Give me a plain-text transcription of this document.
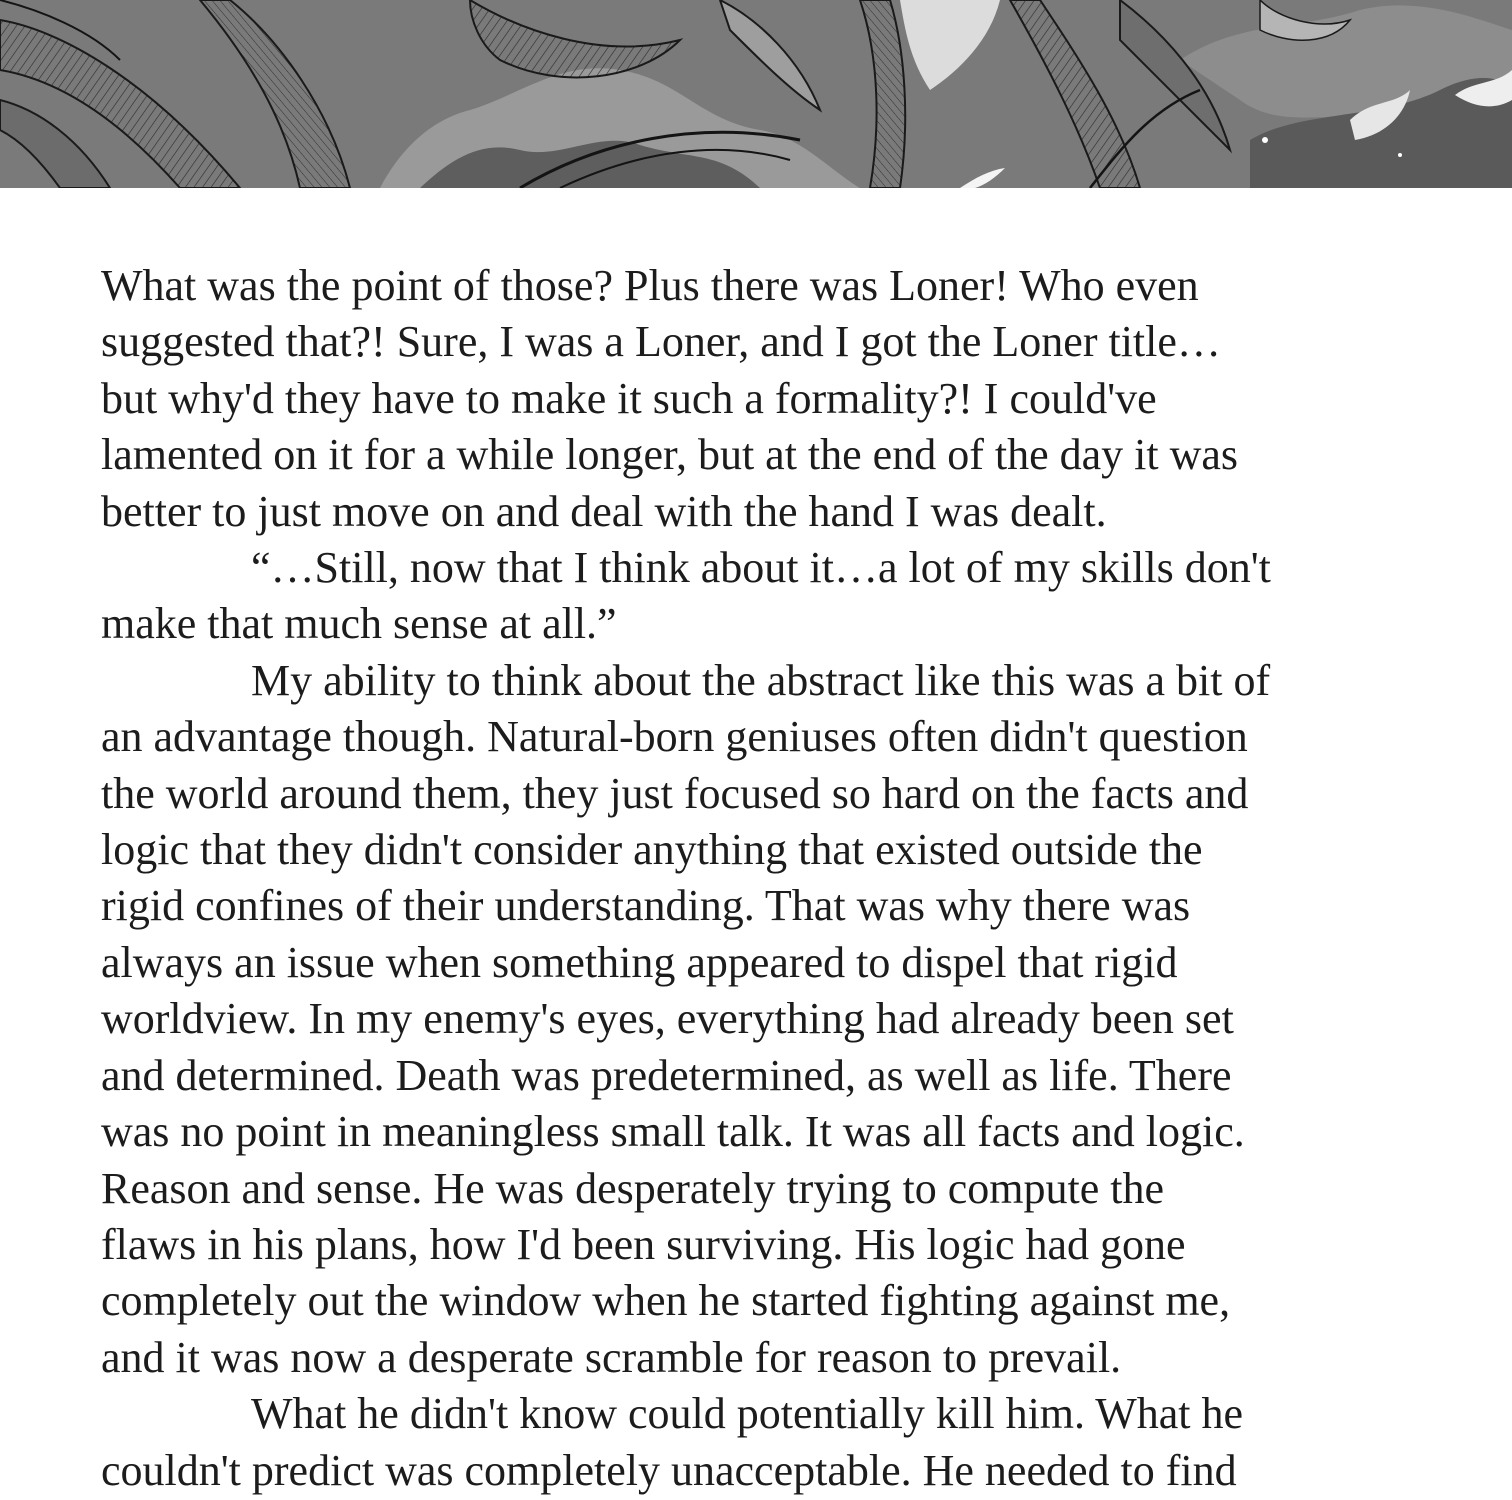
What was the point of those? Plus there was Loner! Who even
suggested that?! Sure, I was a Loner, and I got the Loner title…
but why'd they have to make it such a formality?! I could've
lamented on it for a while longer, but at the end of the day it was
better to just move on and deal with the hand I was dealt.
“…Still, now that I think about it…a lot of my skills don't
make that much sense at all.”
My ability to think about the abstract like this was a bit of
an advantage though. Natural-born geniuses often didn't question
the world around them, they just focused so hard on the facts and
logic that they didn't consider anything that existed outside the
rigid confines of their understanding. That was why there was
always an issue when something appeared to dispel that rigid
worldview. In my enemy's eyes, everything had already been set
and determined. Death was predetermined, as well as life. There
was no point in meaningless small talk. It was all facts and logic.
Reason and sense. He was desperately trying to compute the
flaws in his plans, how I'd been surviving. His logic had gone
completely out the window when he started fighting against me,
and it was now a desperate scramble for reason to prevail.
What he didn't know could potentially kill him. What he
couldn't predict was completely unacceptable. He needed to find
